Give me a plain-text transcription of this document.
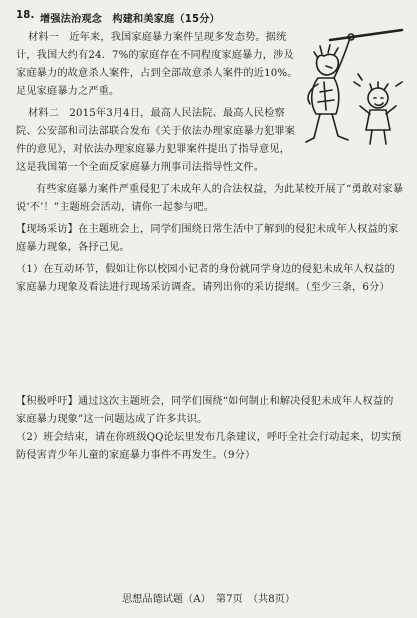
18. 增强法治观念　构建和美家庭（15分）
材料一　近年来，我国家庭暴力案件呈现多发态势。据统
计，我国大约有24．7%的家庭存在不同程度家庭暴力，涉及
家庭暴力的故意杀人案件，占到全部故意杀人案件的近10%。
足见家庭暴力之严重。
材料二　2015年3月4日，最高人民法院、最高人民检察
院、公安部和司法部联合发布《关于依法办理家庭暴力犯罪案
件的意见》，对依法办理家庭暴力犯罪案件提出了指导意见，
这是我国第一个全面反家庭暴力刑事司法指导性文件。
有些家庭暴力案件严重侵犯了未成年人的合法权益，为此某校开展了“勇敢对家暴
说‘不’！”主题班会活动，请你一起参与吧。
【现场采访】在主题班会上，同学们围绕日常生活中了解到的侵犯未成年人权益的家
庭暴力现象，各抒己见。
（1）在互动环节，假如让你以校园小记者的身份就同学身边的侵犯未成年人权益的
家庭暴力现象及看法进行现场采访调查。请列出你的采访提纲。（至少三条，6分）
【积极呼吁】通过这次主题班会，同学们围绕“如何制止和解决侵犯未成年人权益的
家庭暴力现象”这一问题达成了许多共识。
（2）班会结束，请在你班级QQ论坛里发布几条建议，呼吁全社会行动起来，切实预
防侵害青少年儿童的家庭暴力事件不再发生。（9分）
思想品德试题（A）　第7页　（共8页）
